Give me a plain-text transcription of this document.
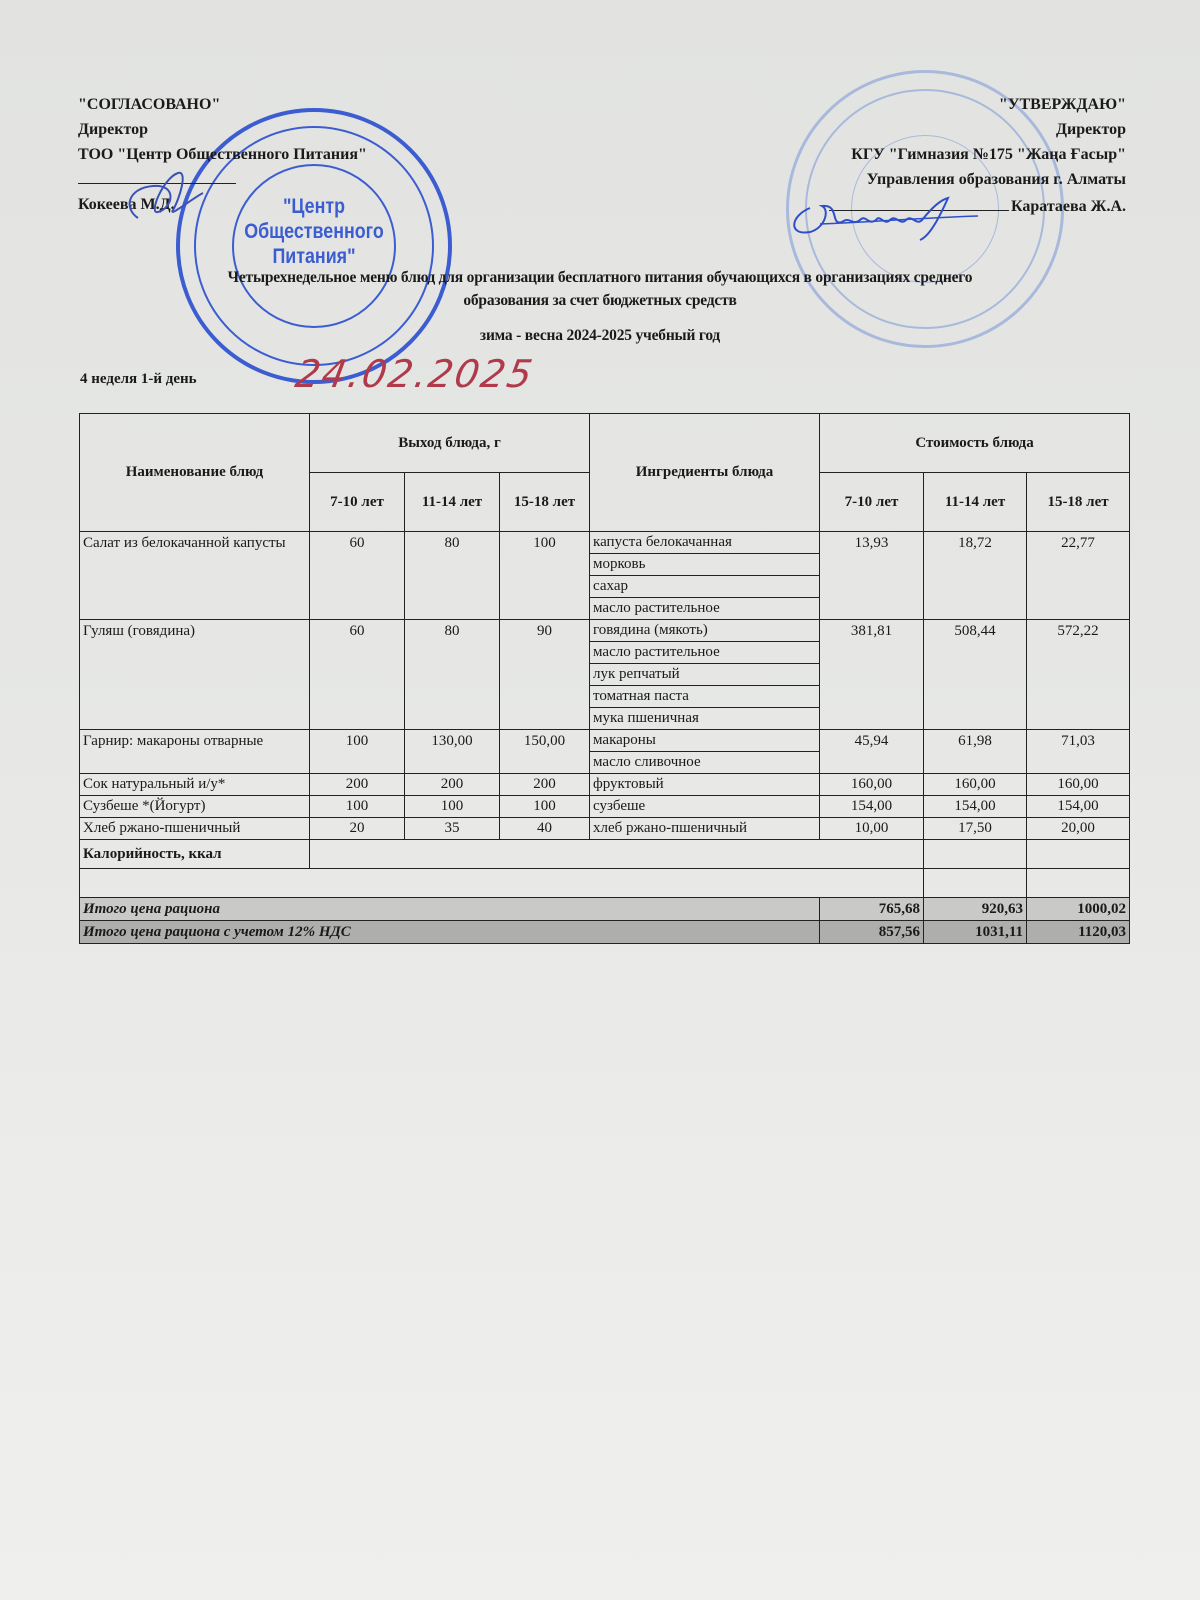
"Центр
Общественного
Питания"
"СОГЛАСОВАНО"
Директор
ТОО "Центр Общественного Питания"
Кокеева М.Д.
"УТВЕРЖДАЮ"
Директор
КГУ "Гимназия №175 "Жаңа Ғасыр"
Управления образования г. Алматы
Каратаева Ж.А.
Четырехнедельное меню блюд для организации бесплатного питания обучающихся в организациях среднего
образования за счет бюджетных средств
зима - весна 2024-2025 учебный год
4 неделя 1-й день	24.02.2025
Наименование блюд	Выход блюда, г			Ингредиенты блюда	Стоимость блюда		
	7-10 лет	11-14 лет	15-18 лет		7-10 лет	11-14 лет	15-18 лет
Салат из белокачанной капусты	60	80	100	капуста белокачанная	13,93	18,72	22,77
				морковь			
				сахар			
				масло растительное			
Гуляш (говядина)	60	80	90	говядина (мякоть)	381,81	508,44	572,22
				масло растительное			
				лук репчатый			
				томатная паста			
				мука пшеничная			
Гарнир: макароны отварные	100	130,00	150,00	макароны	45,94	61,98	71,03
				масло сливочное			
Сок натуральный и/у*	200	200	200	фруктовый	160,00	160,00	160,00
Сузбеше *(Йогурт)	100	100	100	сузбеше	154,00	154,00	154,00
Хлеб ржано-пшеничный	20	35	40	хлеб ржано-пшеничный	10,00	17,50	20,00
Калорийность, ккал							

Итого цена рациона					765,68	920,63	1000,02
Итого цена рациона с учетом 12% НДС					857,56	1031,11	1120,03
